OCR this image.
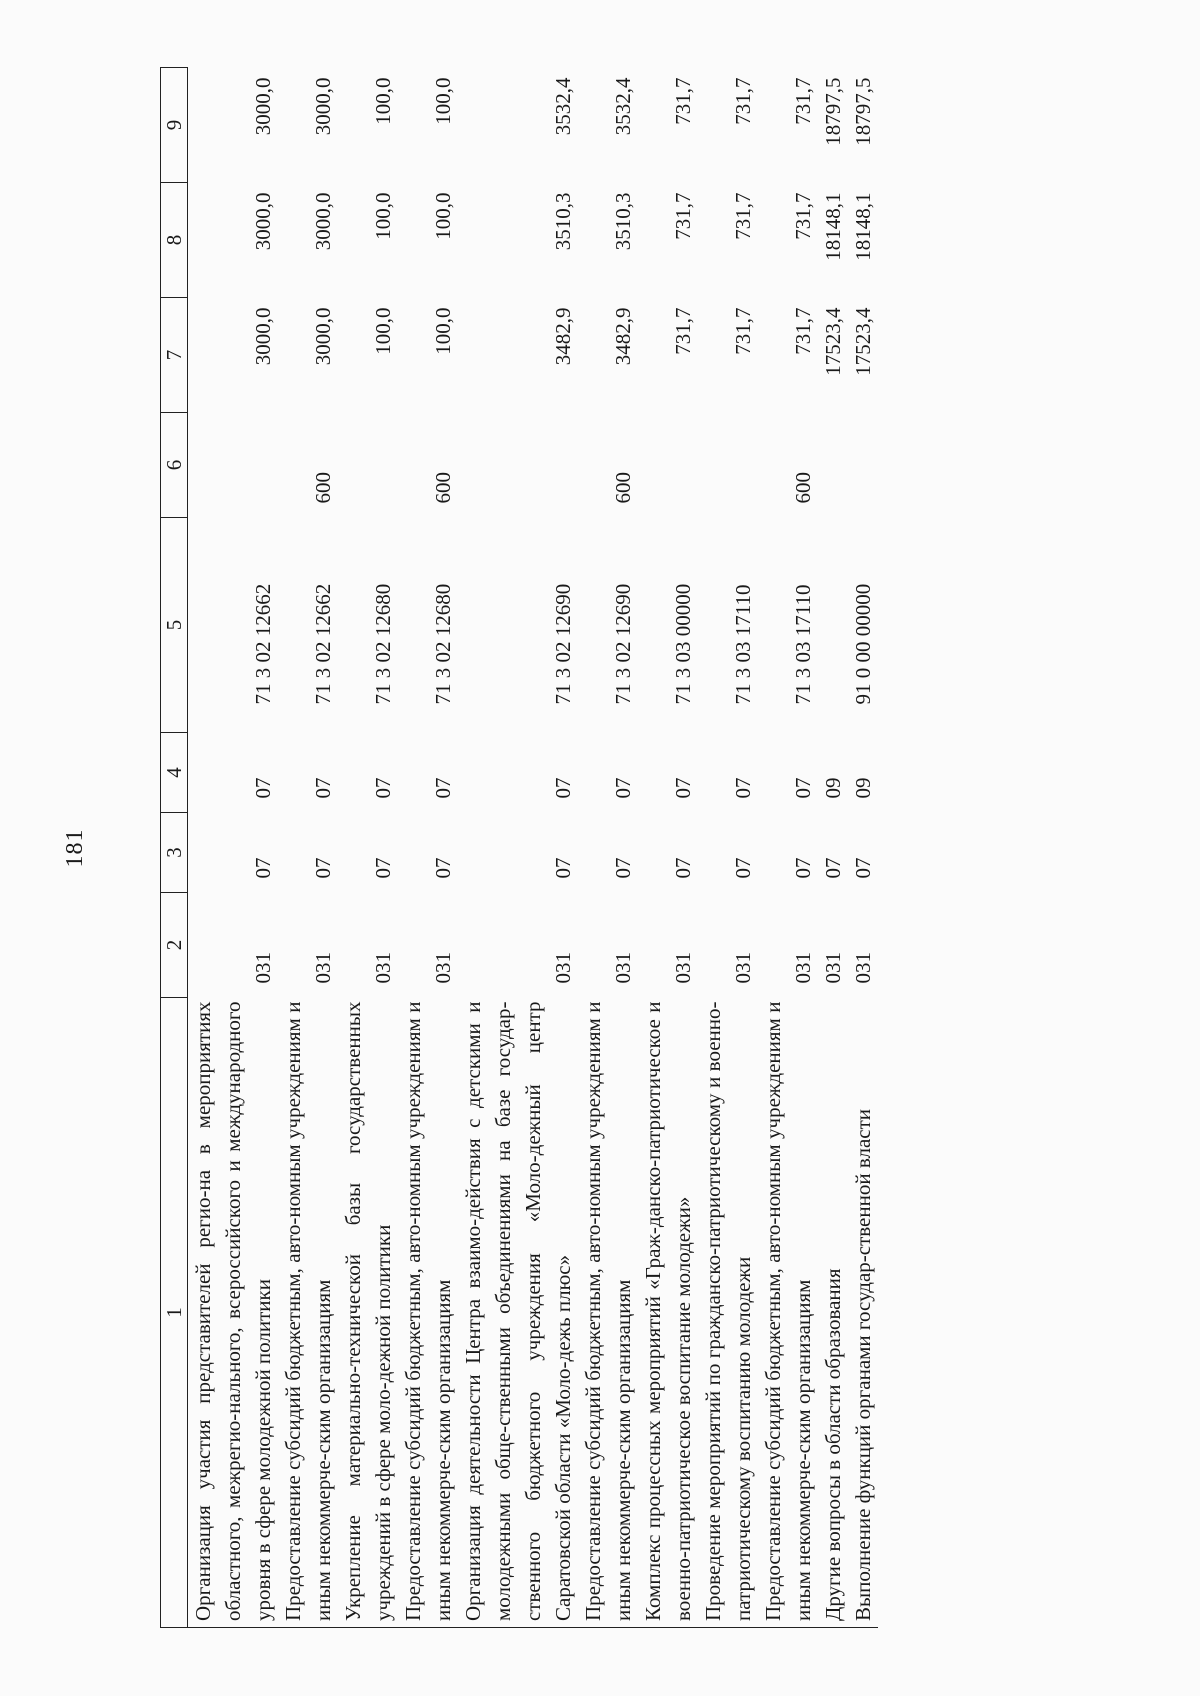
181
1	2	3	4	5	6	7	8	9
Организация участия представителей регио-на в мероприятиях областного, межрегио-нального, всероссийского и международного уровня в сфере молодежной политики	031	07	07	71 3 02 12662		3000,0	3000,0	3000,0
Предоставление субсидий бюджетным, авто-номным учреждениям и иным некоммерче-ским организациям	031	07	07	71 3 02 12662	600	3000,0	3000,0	3000,0
Укрепление материально-технической базы государственных учреждений в сфере моло-дежной политики	031	07	07	71 3 02 12680		100,0	100,0	100,0
Предоставление субсидий бюджетным, авто-номным учреждениям и иным некоммерче-ским организациям	031	07	07	71 3 02 12680	600	100,0	100,0	100,0
Организация деятельности Центра взаимо-действия с детскими и молодежными обще-ственными объединениями на базе государ-ственного бюджетного учреждения «Моло-дежный центр Саратовской области «Моло-дежь плюс»	031	07	07	71 3 02 12690		3482,9	3510,3	3532,4
Предоставление субсидий бюджетным, авто-номным учреждениям и иным некоммерче-ским организациям	031	07	07	71 3 02 12690	600	3482,9	3510,3	3532,4
Комплекс процессных мероприятий «Граж-данско-патриотическое и военно-патриотическое воспитание молодежи»	031	07	07	71 3 03 00000		731,7	731,7	731,7
Проведение мероприятий по гражданско-патриотическому и военно-патриотическому воспитанию молодежи	031	07	07	71 3 03 17110		731,7	731,7	731,7
Предоставление субсидий бюджетным, авто-номным учреждениям и иным некоммерче-ским организациям	031	07	07	71 3 03 17110	600	731,7	731,7	731,7
Другие вопросы в области образования	031	07	09			17523,4	18148,1	18797,5
Выполнение функций органами государ-ственной власти	031	07	09	91 0 00 00000		17523,4	18148,1	18797,5
